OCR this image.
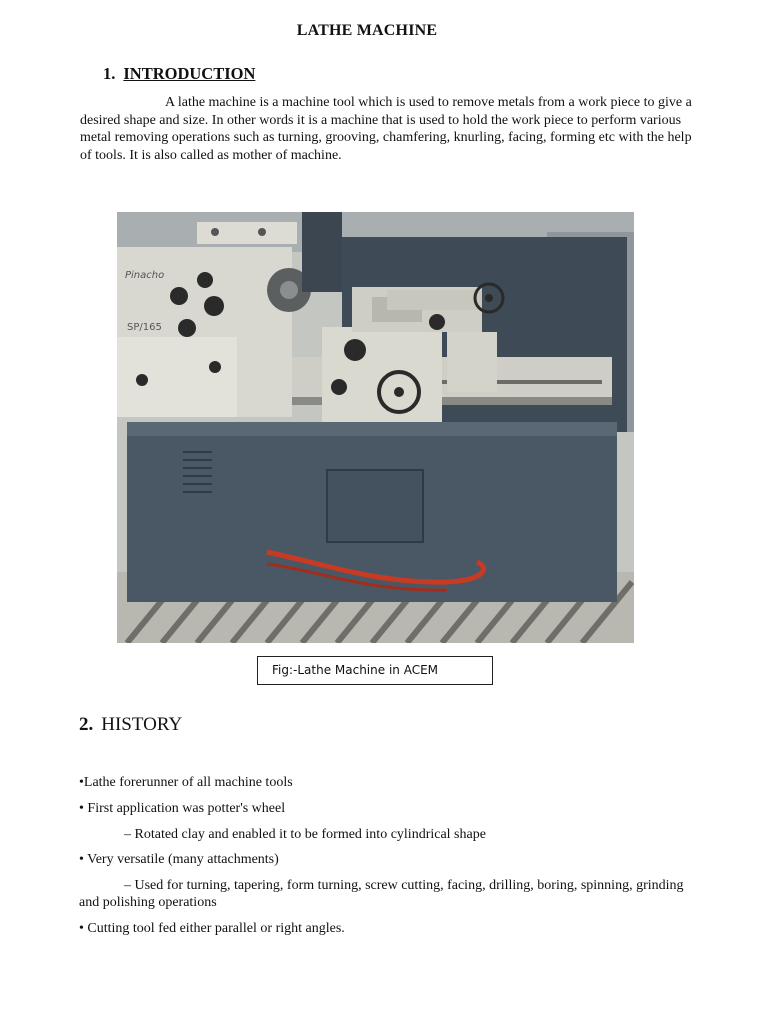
LATHE MACHINE
1. INTRODUCTION

A lathe machine is a machine tool which is used to remove metals from a work piece to give a desired shape and size. In other words it is a machine that is used to hold the work piece to perform various metal removing operations such as turning, grooving, chamfering, knurling, facing, forming etc with the help of tools. It is also called as mother of machine.

Pinacho
SP/165
Fig:-Lathe Machine in ACEM
2. HISTORY

•Lathe forerunner of all machine tools

• First application was potter's wheel

– Rotated clay and enabled it to be formed into cylindrical shape

• Very versatile (many attachments)

– Used for turning, tapering, form turning, screw cutting, facing, drilling, boring, spinning, grinding and polishing operations

• Cutting tool fed either parallel or right angles.
